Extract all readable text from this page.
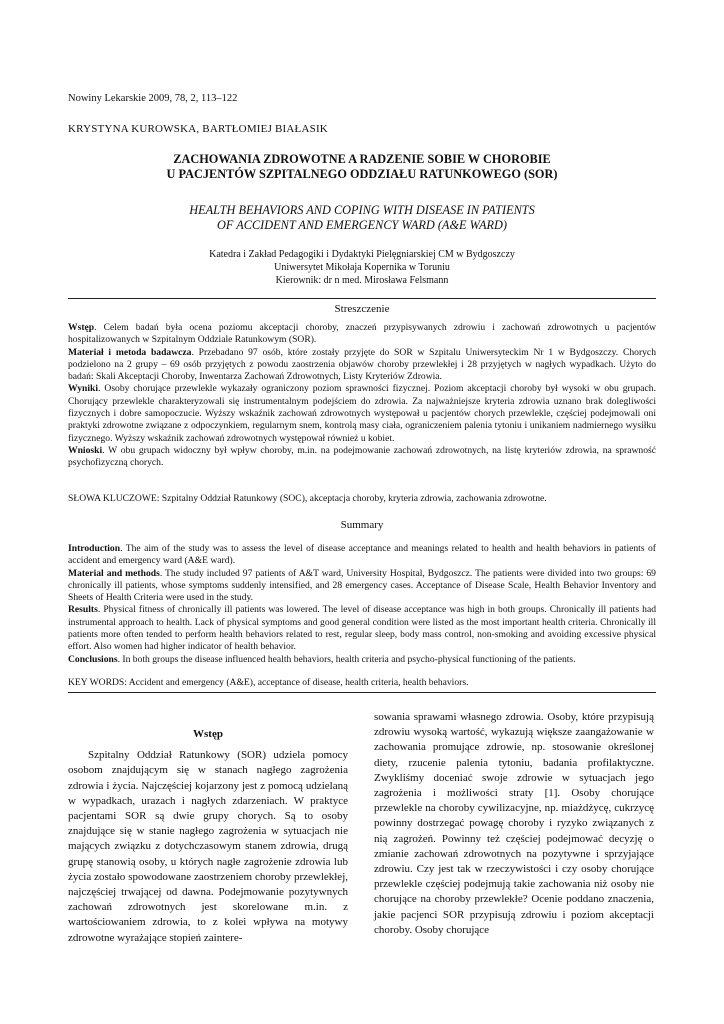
Nowiny Lekarskie 2009, 78, 2, 113–122
KRYSTYNA KUROWSKA, BARTŁOMIEJ BIAŁASIK
ZACHOWANIA ZDROWOTNE A RADZENIE SOBIE W CHOROBIE
U PACJENTÓW SZPITALNEGO ODDZIAŁU RATUNKOWEGO (SOR)
HEALTH BEHAVIORS AND COPING WITH DISEASE IN PATIENTS
OF ACCIDENT AND EMERGENCY WARD (A&E WARD)
Katedra i Zakład Pedagogiki i Dydaktyki Pielęgniarskiej CM w Bydgoszczy
Uniwersytet Mikołaja Kopernika w Toruniu
Kierownik: dr n med. Mirosława Felsmann
Streszczenie

Wstęp. Celem badań była ocena poziomu akceptacji choroby, znaczeń przypisywanych zdrowiu i zachowań zdrowotnych u pacjentów hospitalizowanych w Szpitalnym Oddziale Ratunkowym (SOR).

Materiał i metoda badawcza. Przebadano 97 osób, które zostały przyjęte do SOR w Szpitalu Uniwersyteckim Nr 1 w Bydgoszczy. Chorych podzielono na 2 grupy – 69 osób przyjętych z powodu zaostrzenia objawów choroby przewlekłej i 28 przyjętych w nagłych wypadkach. Użyto do badań: Skali Akceptacji Choroby, Inwentarza Zachowań Zdrowotnych, Listy Kryteriów Zdrowia.

Wyniki. Osoby chorujące przewlekle wykazały ograniczony poziom sprawności fizycznej. Poziom akceptacji choroby był wysoki w obu grupach. Chorujący przewlekle charakteryzowali się instrumentalnym podejściem do zdrowia. Za najważniejsze kryteria zdrowia uznano brak dolegliwości fizycznych i dobre samopoczucie. Wyższy wskaźnik zachowań zdrowotnych występował u pacjentów chorych przewlekle, częściej podejmowali oni praktyki zdrowotne związane z odpoczynkiem, regularnym snem, kontrolą masy ciała, ograniczeniem palenia tytoniu i unikaniem nadmiernego wysiłku fizycznego. Wyższy wskaźnik zachowań zdrowotnych występował również u kobiet.

Wnioski. W obu grupach widoczny był wpływ choroby, m.in. na podejmowanie zachowań zdrowotnych, na listę kryteriów zdrowia, na sprawność psychofizyczną chorych.

SŁOWA KLUCZOWE: Szpitalny Oddział Ratunkowy (SOC), akceptacja choroby, kryteria zdrowia, zachowania zdrowotne.
Summary

Introduction. The aim of the study was to assess the level of disease acceptance and meanings related to health and health behaviors in patients of accident and emergency ward (A&E ward).

Material and methods. The study included 97 patients of A&T ward, University Hospital, Bydgoszcz. The patients were divided into two groups: 69 chronically ill patients, whose symptoms suddenly intensified, and 28 emergency cases. Acceptance of Disease Scale, Health Behavior Inventory and Sheets of Health Criteria were used in the study.

Results. Physical fitness of chronically ill patients was lowered. The level of disease acceptance was high in both groups. Chronically ill patients had instrumental approach to health. Lack of physical symptoms and good general condition were listed as the most important health criteria. Chronically ill patients more often tended to perform health behaviors related to rest, regular sleep, body mass control, non-smoking and avoiding excessive physical effort. Also women had higher indicator of health behavior.

Conclusions. In both groups the disease influenced health behaviors, health criteria and psycho-physical functioning of the patients.

KEY WORDS: Accident and emergency (A&E), acceptance of disease, health criteria, health behaviors.
Wstęp

Szpitalny Oddział Ratunkowy (SOR) udziela pomocy osobom znajdującym się w stanach nagłego zagrożenia zdrowia i życia. Najczęściej kojarzony jest z pomocą udzielaną w wypadkach, urazach i nagłych zdarzeniach. W praktyce pacjentami SOR są dwie grupy chorych. Są to osoby znajdujące się w stanie nagłego zagrożenia w sytuacjach nie mających związku z dotychczasowym stanem zdrowia, drugą grupę stanowią osoby, u których nagłe zagrożenie zdrowia lub życia zostało spowodowane zaostrzeniem choroby przewlekłej, najczęściej trwającej od dawna. Podejmowanie pozytywnych zachowań zdrowotnych jest skorelowane m.in. z wartościowaniem zdrowia, to z kolei wpływa na motywy zdrowotne wyrażające stopień zaintere-

sowania sprawami własnego zdrowia. Osoby, które przypisują zdrowiu wysoką wartość, wykazują większe zaangażowanie w zachowania promujące zdrowie, np. stosowanie określonej diety, rzucenie palenia tytoniu, badania profilaktyczne. Zwykliśmy doceniać swoje zdrowie w sytuacjach jego zagrożenia i możliwości straty [1]. Osoby chorujące przewlekle na choroby cywilizacyjne, np. miażdżycę, cukrzycę powinny dostrzegać powagę choroby i ryzyko związanych z nią zagrożeń. Powinny też częściej podejmować decyzję o zmianie zachowań zdrowotnych na pozytywne i sprzyjające zdrowiu. Czy jest tak w rzeczywistości i czy osoby chorujące przewlekle częściej podejmują takie zachowania niż osoby nie chorujące na choroby przewlekłe? Ocenie poddano znaczenia, jakie pacjenci SOR przypisują zdrowiu i poziom akceptacji choroby. Osoby chorujące
